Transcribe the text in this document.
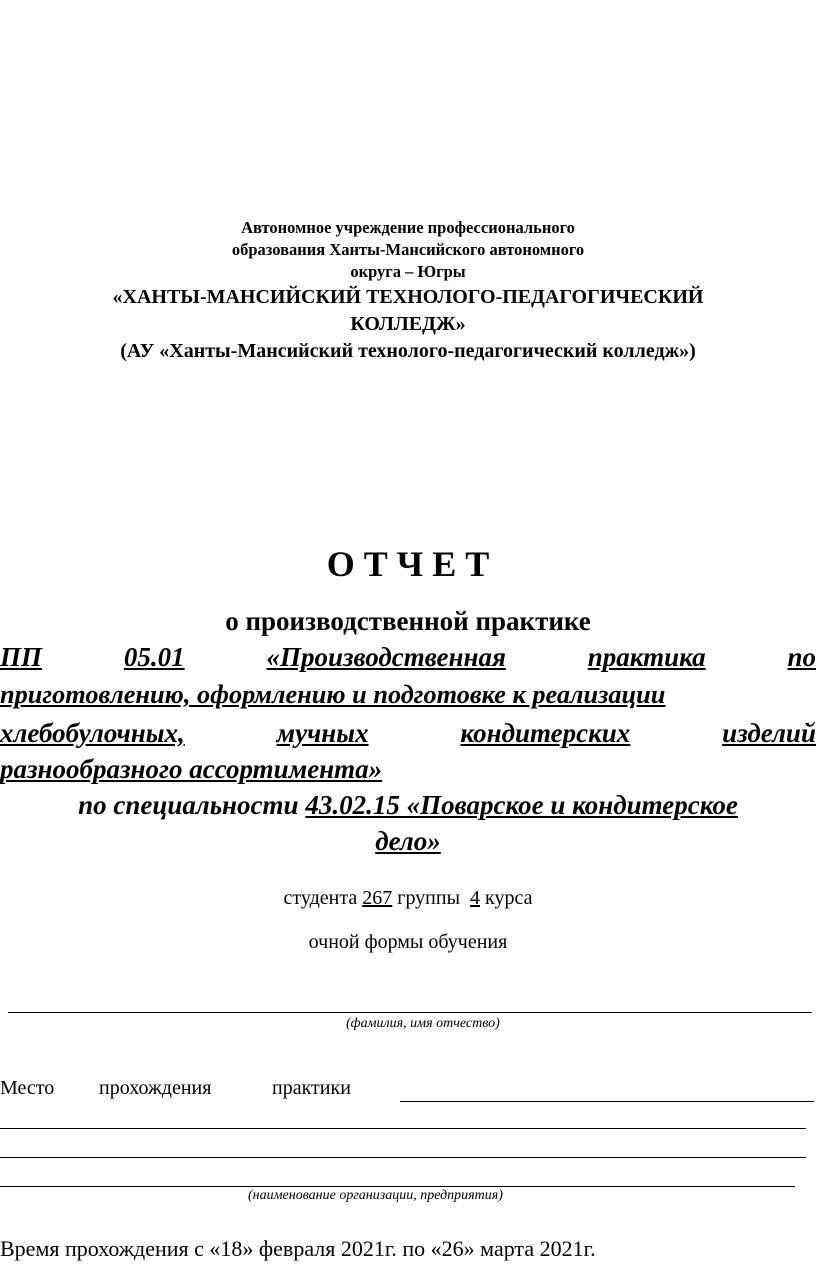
Автономное учреждение профессионального
образования Ханты-Мансийского автономного
округа – Югры
«ХАНТЫ-МАНСИЙСКИЙ ТЕХНОЛОГО-ПЕДАГОГИЧЕСКИЙ
КОЛЛЕДЖ»
(АУ «Ханты-Мансийский технолого-педагогический колледж»)
О Т Ч Е Т
о производственной практике
ПП	05.01	«Производственная	практика	по
приготовлению, оформлению и подготовке к реализации
хлебобулочных,	мучных	кондитерских	изделий
разнообразного ассортимента»
по специальности 43.02.15 «Поварское и кондитерское
дело»
студента 267 группы 4 курса
очной формы обучения
(фамилия, имя отчество)
Место прохождения	практики
(наименование организации, предприятия)
Время прохождения с «18» февраля 2021г. по «26» марта 2021г.
